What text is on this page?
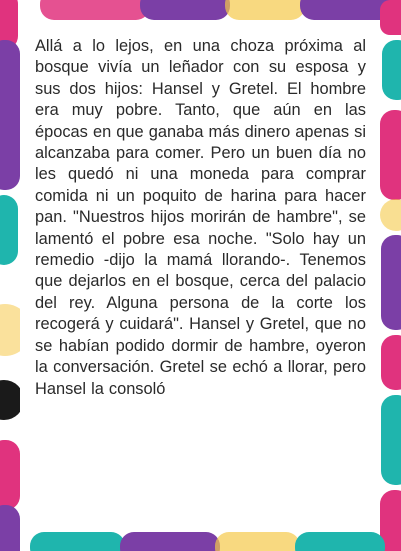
Allá a lo lejos, en una choza próxima al bosque vivía un leñador con su esposa y sus dos hijos: Hansel y Gretel. El hombre era muy pobre. Tanto, que aún en las épocas en que ganaba más dinero apenas si alcanzaba para comer. Pero un buen día no les quedó ni una moneda para comprar comida ni un poquito de harina para hacer pan. "Nuestros hijos morirán de hambre", se lamentó el pobre esa noche. "Solo hay un remedio -dijo la mamá llorando-. Tenemos que dejarlos en el bosque, cerca del palacio del rey. Alguna persona de la corte los recogerá y cuidará". Hansel y Gretel, que no se habían podido dormir de hambre, oyeron la conversación. Gretel se echó a llorar, pero Hansel la consoló
